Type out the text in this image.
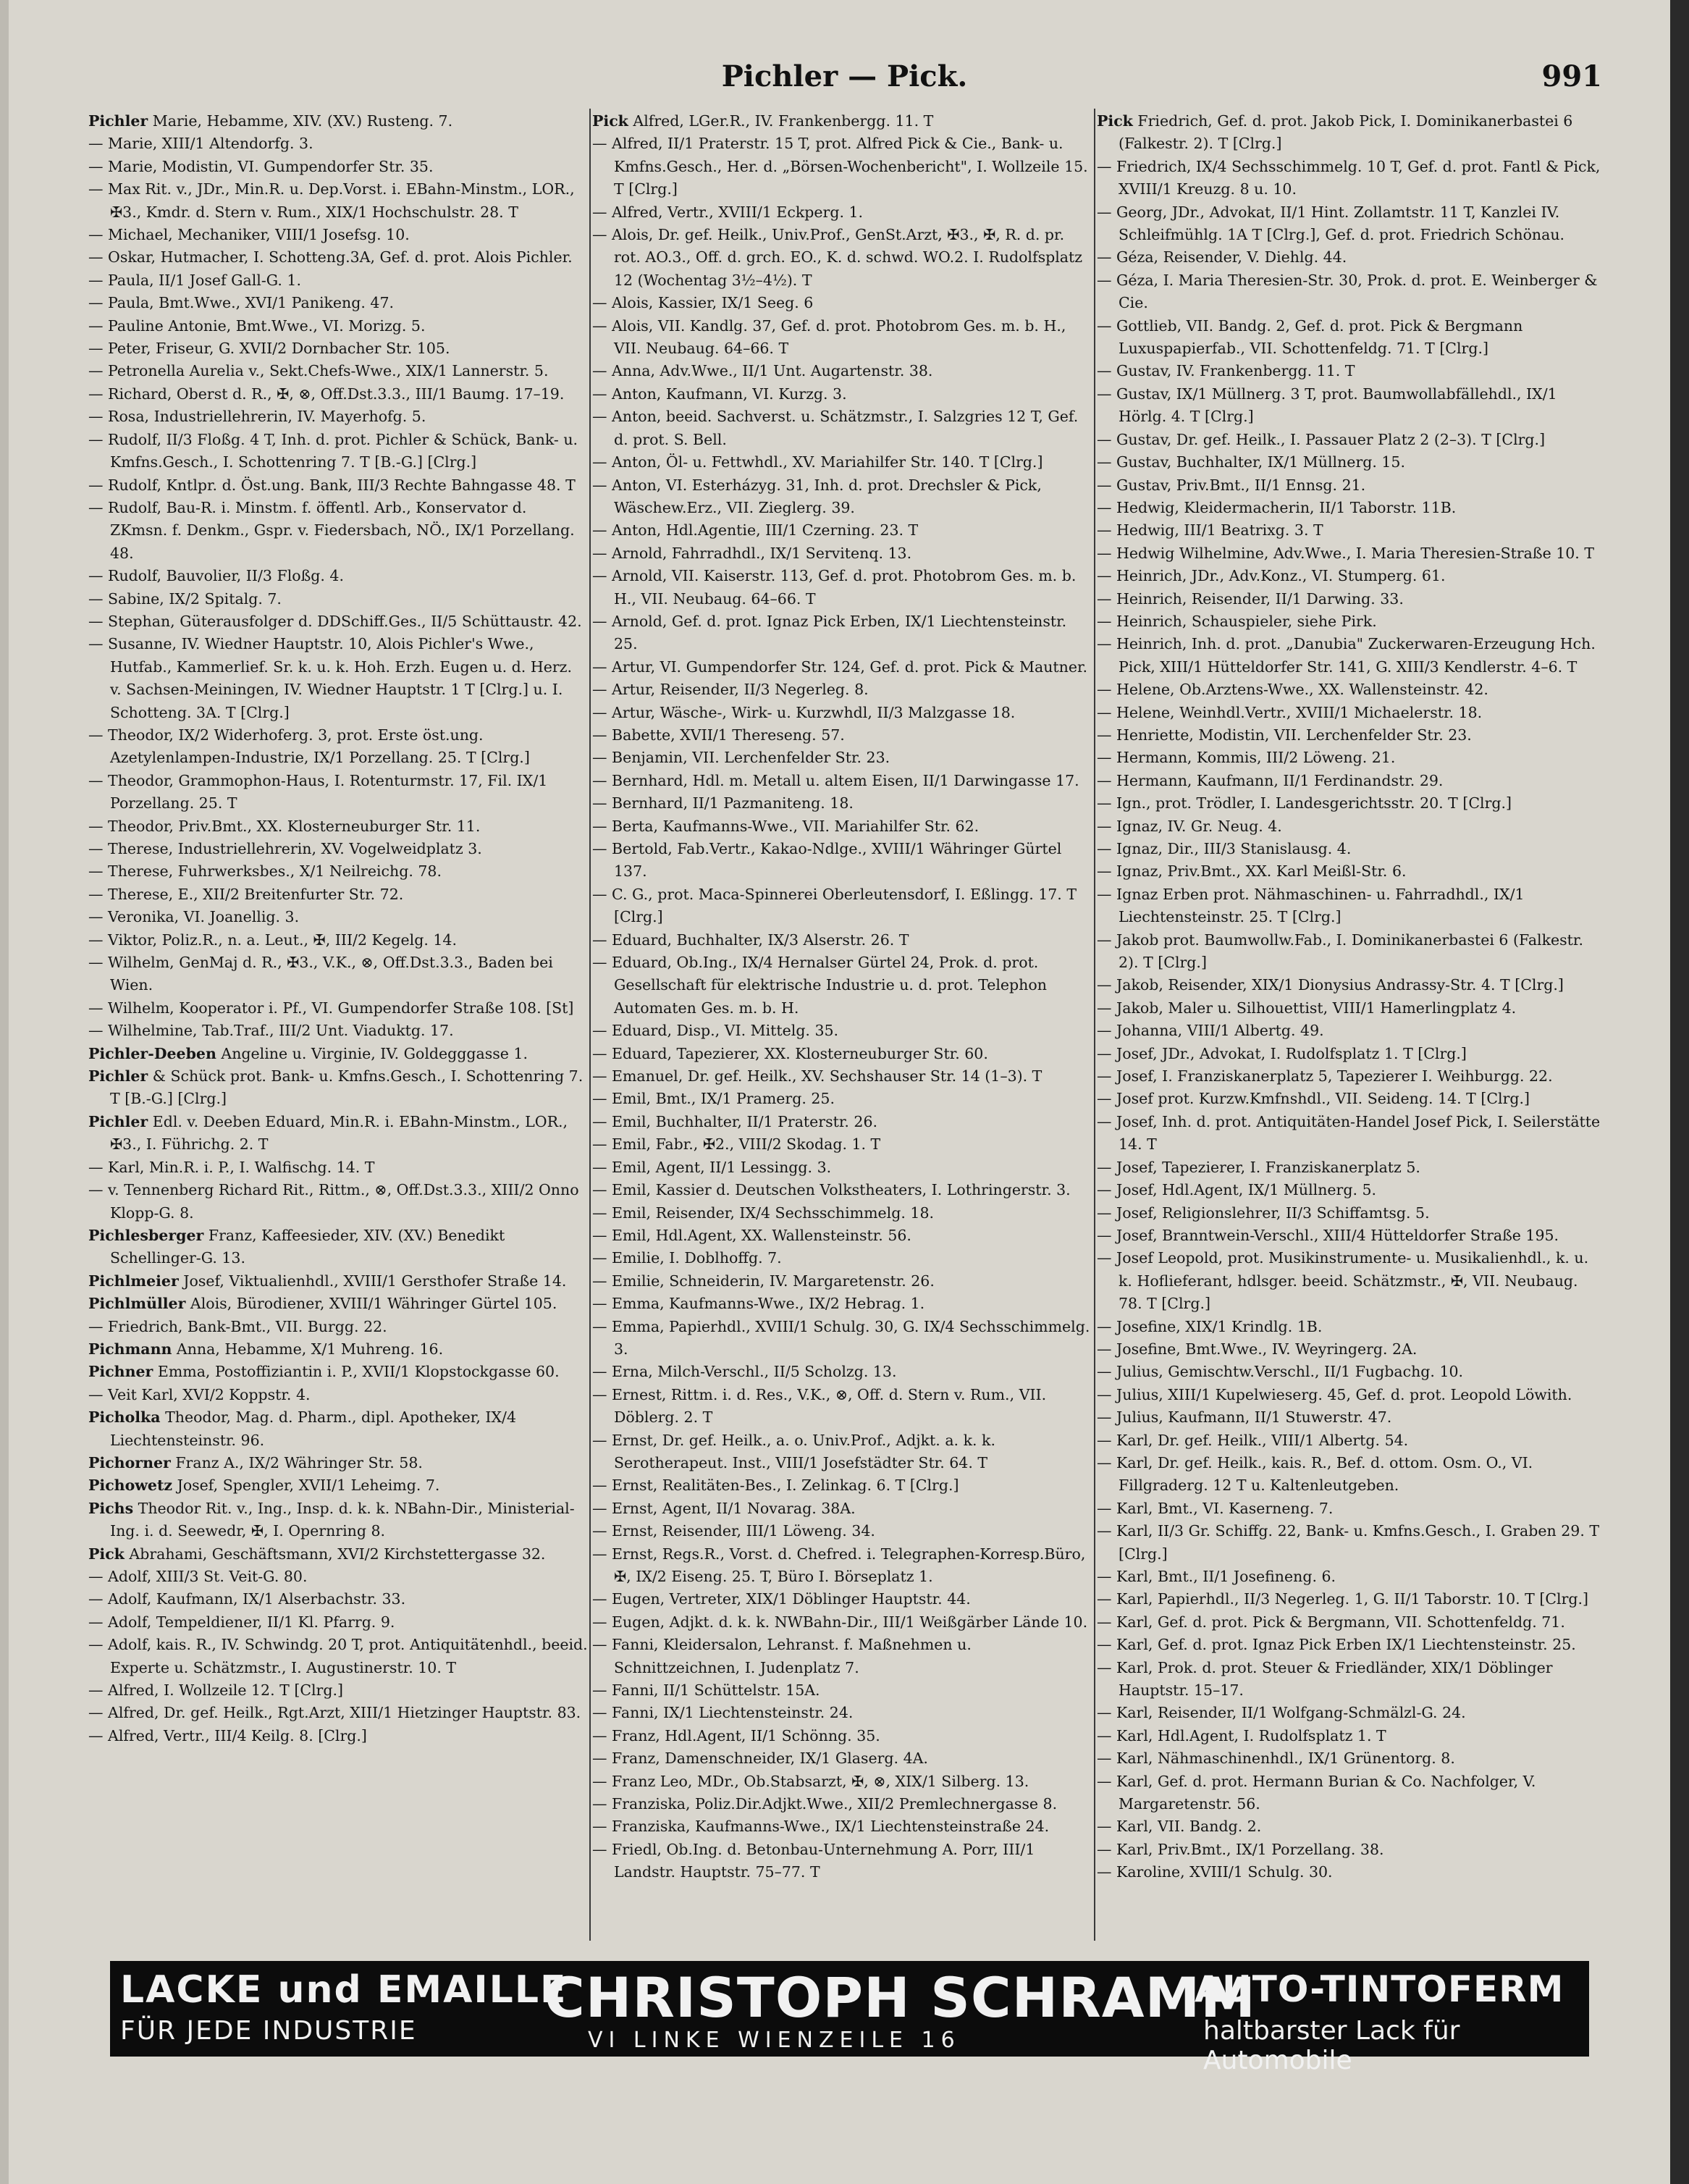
Pichler — Pick.	991
Pichler Marie, Hebamme, XIV. (XV.) Rusteng. 7.
— Marie, XIII/1 Altendorfg. 3.
— Marie, Modistin, VI. Gumpendorfer Str. 35.
— Max Rit. v., JDr., Min.R. u. Dep.Vorst. i. EBahn-Minstm., LOR., ✠3., Kmdr. d. Stern v. Rum., XIX/1 Hochschulstr. 28. T
— Michael, Mechaniker, VIII/1 Josefsg. 10.
— Oskar, Hutmacher, I. Schotteng.3A, Gef. d. prot. Alois Pichler.
— Paula, II/1 Josef Gall-G. 1.
— Paula, Bmt.Wwe., XVI/1 Panikeng. 47.
— Pauline Antonie, Bmt.Wwe., VI. Morizg. 5.
— Peter, Friseur, G. XVII/2 Dornbacher Str. 105.
— Petronella Aurelia v., Sekt.Chefs-Wwe., XIX/1 Lannerstr. 5.
— Richard, Oberst d. R., ✠, ⊗, Off.Dst.3.3., III/1 Baumg. 17–19.
— Rosa, Industriellehrerin, IV. Mayerhofg. 5.
— Rudolf, II/3 Floßg. 4 T, Inh. d. prot. Pichler & Schück, Bank- u. Kmfns.Gesch., I. Schottenring 7. T [B.-G.] [Clrg.]
— Rudolf, Kntlpr. d. Öst.ung. Bank, III/3 Rechte Bahngasse 48. T
— Rudolf, Bau-R. i. Minstm. f. öffentl. Arb., Konservator d. ZKmsn. f. Denkm., Gspr. v. Fiedersbach, NÖ., IX/1 Porzellang. 48.
— Rudolf, Bauvolier, II/3 Floßg. 4.
— Sabine, IX/2 Spitalg. 7.
— Stephan, Güterausfolger d. DDSchiff.Ges., II/5 Schüttaustr. 42.
— Susanne, IV. Wiedner Hauptstr. 10, Alois Pichler's Wwe., Hutfab., Kammerlief. Sr. k. u. k. Hoh. Erzh. Eugen u. d. Herz. v. Sachsen-Meiningen, IV. Wiedner Hauptstr. 1 T [Clrg.] u. I. Schotteng. 3A. T [Clrg.]
— Theodor, IX/2 Widerhoferg. 3, prot. Erste öst.ung. Azetylenlampen-Industrie, IX/1 Porzellang. 25. T [Clrg.]
— Theodor, Grammophon-Haus, I. Rotenturmstr. 17, Fil. IX/1 Porzellang. 25. T
— Theodor, Priv.Bmt., XX. Klosterneuburger Str. 11.
— Therese, Industriellehrerin, XV. Vogelweidplatz 3.
— Therese, Fuhrwerksbes., X/1 Neilreichg. 78.
— Therese, E., XII/2 Breitenfurter Str. 72.
— Veronika, VI. Joanellig. 3.
— Viktor, Poliz.R., n. a. Leut., ✠, III/2 Kegelg. 14.
— Wilhelm, GenMaj d. R., ✠3., V.K., ⊗, Off.Dst.3.3., Baden bei Wien.
— Wilhelm, Kooperator i. Pf., VI. Gumpendorfer Straße 108. [St]
— Wilhelmine, Tab.Traf., III/2 Unt. Viaduktg. 17.
Pichler-Deeben Angeline u. Virginie, IV. Goldegggasse 1.
Pichler & Schück prot. Bank- u. Kmfns.Gesch., I. Schottenring 7. T [B.-G.] [Clrg.]
Pichler Edl. v. Deeben Eduard, Min.R. i. EBahn-Minstm., LOR., ✠3., I. Führichg. 2. T
— Karl, Min.R. i. P., I. Walfischg. 14. T
— v. Tennenberg Richard Rit., Rittm., ⊗, Off.Dst.3.3., XIII/2 Onno Klopp-G. 8.
Pichlesberger Franz, Kaffeesieder, XIV. (XV.) Benedikt Schellinger-G. 13.
Pichlmeier Josef, Viktualienhdl., XVIII/1 Gersthofer Straße 14.
Pichlmüller Alois, Bürodiener, XVIII/1 Währinger Gürtel 105.
— Friedrich, Bank-Bmt., VII. Burgg. 22.
Pichmann Anna, Hebamme, X/1 Muhreng. 16.
Pichner Emma, Postoffiziantin i. P., XVII/1 Klopstockgasse 60.
— Veit Karl, XVI/2 Koppstr. 4.
Picholka Theodor, Mag. d. Pharm., dipl. Apotheker, IX/4 Liechtensteinstr. 96.
Pichorner Franz A., IX/2 Währinger Str. 58.
Pichowetz Josef, Spengler, XVII/1 Leheimg. 7.
Pichs Theodor Rit. v., Ing., Insp. d. k. k. NBahn-Dir., Ministerial-Ing. i. d. Seewedr, ✠, I. Opernring 8.
Pick Abrahami, Geschäftsmann, XVI/2 Kirchstettergasse 32.
— Adolf, XIII/3 St. Veit-G. 80.
— Adolf, Kaufmann, IX/1 Alserbachstr. 33.
— Adolf, Tempeldiener, II/1 Kl. Pfarrg. 9.
— Adolf, kais. R., IV. Schwindg. 20 T, prot. Antiquitätenhdl., beeid. Experte u. Schätzmstr., I. Augustinerstr. 10. T
— Alfred, I. Wollzeile 12. T [Clrg.]
— Alfred, Dr. gef. Heilk., Rgt.Arzt, XIII/1 Hietzinger Hauptstr. 83.
— Alfred, Vertr., III/4 Keilg. 8. [Clrg.]
Pick Alfred, LGer.R., IV. Frankenbergg. 11. T
— Alfred, II/1 Praterstr. 15 T, prot. Alfred Pick & Cie., Bank- u. Kmfns.Gesch., Her. d. „Börsen-Wochenbericht", I. Wollzeile 15. T [Clrg.]
— Alfred, Vertr., XVIII/1 Eckperg. 1.
— Alois, Dr. gef. Heilk., Univ.Prof., GenSt.Arzt, ✠3., ✠, R. d. pr. rot. AO.3., Off. d. grch. EO., K. d. schwd. WO.2. I. Rudolfsplatz 12 (Wochentag 3½–4½). T
— Alois, Kassier, IX/1 Seeg. 6
— Alois, VII. Kandlg. 37, Gef. d. prot. Photobrom Ges. m. b. H., VII. Neubaug. 64–66. T
— Anna, Adv.Wwe., II/1 Unt. Augartenstr. 38.
— Anton, Kaufmann, VI. Kurzg. 3.
— Anton, beeid. Sachverst. u. Schätzmstr., I. Salzgries 12 T, Gef. d. prot. S. Bell.
— Anton, Öl- u. Fettwhdl., XV. Mariahilfer Str. 140. T [Clrg.]
— Anton, VI. Esterházyg. 31, Inh. d. prot. Drechsler & Pick, Wäschew.Erz., VII. Zieglerg. 39.
— Anton, Hdl.Agentie, III/1 Czerning. 23. T
— Arnold, Fahrradhdl., IX/1 Servitenq. 13.
— Arnold, VII. Kaiserstr. 113, Gef. d. prot. Photobrom Ges. m. b. H., VII. Neubaug. 64–66. T
— Arnold, Gef. d. prot. Ignaz Pick Erben, IX/1 Liechtensteinstr. 25.
— Artur, VI. Gumpendorfer Str. 124, Gef. d. prot. Pick & Mautner.
— Artur, Reisender, II/3 Negerleg. 8.
— Artur, Wäsche-, Wirk- u. Kurzwhdl, II/3 Malzgasse 18.
— Babette, XVII/1 Thereseng. 57.
— Benjamin, VII. Lerchenfelder Str. 23.
— Bernhard, Hdl. m. Metall u. altem Eisen, II/1 Darwingasse 17.
— Bernhard, II/1 Pazmaniteng. 18.
— Berta, Kaufmanns-Wwe., VII. Mariahilfer Str. 62.
— Bertold, Fab.Vertr., Kakao-Ndlge., XVIII/1 Währinger Gürtel 137.
— C. G., prot. Maca-Spinnerei Oberleutensdorf, I. Eßlingg. 17. T [Clrg.]
— Eduard, Buchhalter, IX/3 Alserstr. 26. T
— Eduard, Ob.Ing., IX/4 Hernalser Gürtel 24, Prok. d. prot. Gesellschaft für elektrische Industrie u. d. prot. Telephon Automaten Ges. m. b. H.
— Eduard, Disp., VI. Mittelg. 35.
— Eduard, Tapezierer, XX. Klosterneuburger Str. 60.
— Emanuel, Dr. gef. Heilk., XV. Sechshauser Str. 14 (1–3). T
— Emil, Bmt., IX/1 Pramerg. 25.
— Emil, Buchhalter, II/1 Praterstr. 26.
— Emil, Fabr., ✠2., VIII/2 Skodag. 1. T
— Emil, Agent, II/1 Lessingg. 3.
— Emil, Kassier d. Deutschen Volkstheaters, I. Lothringerstr. 3.
— Emil, Reisender, IX/4 Sechsschimmelg. 18.
— Emil, Hdl.Agent, XX. Wallensteinstr. 56.
— Emilie, I. Doblhoffg. 7.
— Emilie, Schneiderin, IV. Margaretenstr. 26.
— Emma, Kaufmanns-Wwe., IX/2 Hebrag. 1.
— Emma, Papierhdl., XVIII/1 Schulg. 30, G. IX/4 Sechsschimmelg. 3.
— Erna, Milch-Verschl., II/5 Scholzg. 13.
— Ernest, Rittm. i. d. Res., V.K., ⊗, Off. d. Stern v. Rum., VII. Döblerg. 2. T
— Ernst, Dr. gef. Heilk., a. o. Univ.Prof., Adjkt. a. k. k. Serotherapeut. Inst., VIII/1 Josefstädter Str. 64. T
— Ernst, Realitäten-Bes., I. Zelinkag. 6. T [Clrg.]
— Ernst, Agent, II/1 Novarag. 38A.
— Ernst, Reisender, III/1 Löweng. 34.
— Ernst, Regs.R., Vorst. d. Chefred. i. Telegraphen-Korresp.Büro, ✠, IX/2 Eiseng. 25. T, Büro I. Börseplatz 1.
— Eugen, Vertreter, XIX/1 Döblinger Hauptstr. 44.
— Eugen, Adjkt. d. k. k. NWBahn-Dir., III/1 Weißgärber Lände 10.
— Fanni, Kleidersalon, Lehranst. f. Maßnehmen u. Schnittzeichnen, I. Judenplatz 7.
— Fanni, II/1 Schüttelstr. 15A.
— Fanni, IX/1 Liechtensteinstr. 24.
— Franz, Hdl.Agent, II/1 Schönng. 35.
— Franz, Damenschneider, IX/1 Glaserg. 4A.
— Franz Leo, MDr., Ob.Stabsarzt, ✠, ⊗, XIX/1 Silberg. 13.
— Franziska, Poliz.Dir.Adjkt.Wwe., XII/2 Premlechnergasse 8.
— Franziska, Kaufmanns-Wwe., IX/1 Liechtensteinstraße 24.
— Friedl, Ob.Ing. d. Betonbau-Unternehmung A. Porr, III/1 Landstr. Hauptstr. 75–77. T
Pick Friedrich, Gef. d. prot. Jakob Pick, I. Dominikanerbastei 6 (Falkestr. 2). T [Clrg.]
— Friedrich, IX/4 Sechsschimmelg. 10 T, Gef. d. prot. Fantl & Pick, XVIII/1 Kreuzg. 8 u. 10.
— Georg, JDr., Advokat, II/1 Hint. Zollamtstr. 11 T, Kanzlei IV. Schleifmühlg. 1A T [Clrg.], Gef. d. prot. Friedrich Schönau.
— Géza, Reisender, V. Diehlg. 44.
— Géza, I. Maria Theresien-Str. 30, Prok. d. prot. E. Weinberger & Cie.
— Gottlieb, VII. Bandg. 2, Gef. d. prot. Pick & Bergmann Luxuspapierfab., VII. Schottenfeldg. 71. T [Clrg.]
— Gustav, IV. Frankenbergg. 11. T
— Gustav, IX/1 Müllnerg. 3 T, prot. Baumwollabfällehdl., IX/1 Hörlg. 4. T [Clrg.]
— Gustav, Dr. gef. Heilk., I. Passauer Platz 2 (2–3). T [Clrg.]
— Gustav, Buchhalter, IX/1 Müllnerg. 15.
— Gustav, Priv.Bmt., II/1 Ennsg. 21.
— Hedwig, Kleidermacherin, II/1 Taborstr. 11B.
— Hedwig, III/1 Beatrixg. 3. T
— Hedwig Wilhelmine, Adv.Wwe., I. Maria Theresien-Straße 10. T
— Heinrich, JDr., Adv.Konz., VI. Stumperg. 61.
— Heinrich, Reisender, II/1 Darwing. 33.
— Heinrich, Schauspieler, siehe Pirk.
— Heinrich, Inh. d. prot. „Danubia" Zuckerwaren-Erzeugung Hch. Pick, XIII/1 Hütteldorfer Str. 141, G. XIII/3 Kendlerstr. 4–6. T
— Helene, Ob.Arztens-Wwe., XX. Wallensteinstr. 42.
— Helene, Weinhdl.Vertr., XVIII/1 Michaelerstr. 18.
— Henriette, Modistin, VII. Lerchenfelder Str. 23.
— Hermann, Kommis, III/2 Löweng. 21.
— Hermann, Kaufmann, II/1 Ferdinandstr. 29.
— Ign., prot. Trödler, I. Landesgerichtsstr. 20. T [Clrg.]
— Ignaz, IV. Gr. Neug. 4.
— Ignaz, Dir., III/3 Stanislausg. 4.
— Ignaz, Priv.Bmt., XX. Karl Meißl-Str. 6.
— Ignaz Erben prot. Nähmaschinen- u. Fahrradhdl., IX/1 Liechtensteinstr. 25. T [Clrg.]
— Jakob prot. Baumwollw.Fab., I. Dominikanerbastei 6 (Falkestr. 2). T [Clrg.]
— Jakob, Reisender, XIX/1 Dionysius Andrassy-Str. 4. T [Clrg.]
— Jakob, Maler u. Silhouettist, VIII/1 Hamerlingplatz 4.
— Johanna, VIII/1 Albertg. 49.
— Josef, JDr., Advokat, I. Rudolfsplatz 1. T [Clrg.]
— Josef, I. Franziskanerplatz 5, Tapezierer I. Weihburgg. 22.
— Josef prot. Kurzw.Kmfnshdl., VII. Seideng. 14. T [Clrg.]
— Josef, Inh. d. prot. Antiquitäten-Handel Josef Pick, I. Seilerstätte 14. T
— Josef, Tapezierer, I. Franziskanerplatz 5.
— Josef, Hdl.Agent, IX/1 Müllnerg. 5.
— Josef, Religionslehrer, II/3 Schiffamtsg. 5.
— Josef, Branntwein-Verschl., XIII/4 Hütteldorfer Straße 195.
— Josef Leopold, prot. Musikinstrumente- u. Musikalienhdl., k. u. k. Hoflieferant, hdlsger. beeid. Schätzmstr., ✠, VII. Neubaug. 78. T [Clrg.]
— Josefine, XIX/1 Krindlg. 1B.
— Josefine, Bmt.Wwe., IV. Weyringerg. 2A.
— Julius, Gemischtw.Verschl., II/1 Fugbachg. 10.
— Julius, XIII/1 Kupelwieserg. 45, Gef. d. prot. Leopold Löwith.
— Julius, Kaufmann, II/1 Stuwerstr. 47.
— Karl, Dr. gef. Heilk., VIII/1 Albertg. 54.
— Karl, Dr. gef. Heilk., kais. R., Bef. d. ottom. Osm. O., VI. Fillgraderg. 12 T u. Kaltenleutgeben.
— Karl, Bmt., VI. Kaserneng. 7.
— Karl, II/3 Gr. Schiffg. 22, Bank- u. Kmfns.Gesch., I. Graben 29. T [Clrg.]
— Karl, Bmt., II/1 Josefineng. 6.
— Karl, Papierhdl., II/3 Negerleg. 1, G. II/1 Taborstr. 10. T [Clrg.]
— Karl, Gef. d. prot. Pick & Bergmann, VII. Schottenfeldg. 71.
— Karl, Gef. d. prot. Ignaz Pick Erben IX/1 Liechtensteinstr. 25.
— Karl, Prok. d. prot. Steuer & Friedländer, XIX/1 Döblinger Hauptstr. 15–17.
— Karl, Reisender, II/1 Wolfgang-Schmälzl-G. 24.
— Karl, Hdl.Agent, I. Rudolfsplatz 1. T
— Karl, Nähmaschinenhdl., IX/1 Grünentorg. 8.
— Karl, Gef. d. prot. Hermann Burian & Co. Nachfolger, V. Margaretenstr. 56.
— Karl, VII. Bandg. 2.
— Karl, Priv.Bmt., IX/1 Porzellang. 38.
— Karoline, XVIII/1 Schulg. 30.
LACKE und EMAILLE
FÜR JEDE INDUSTRIE
CHRISTOPH SCHRAMM
VI LINKE WIENZEILE 16
AUTO-TINTOFERM
haltbarster Lack für Automobile
